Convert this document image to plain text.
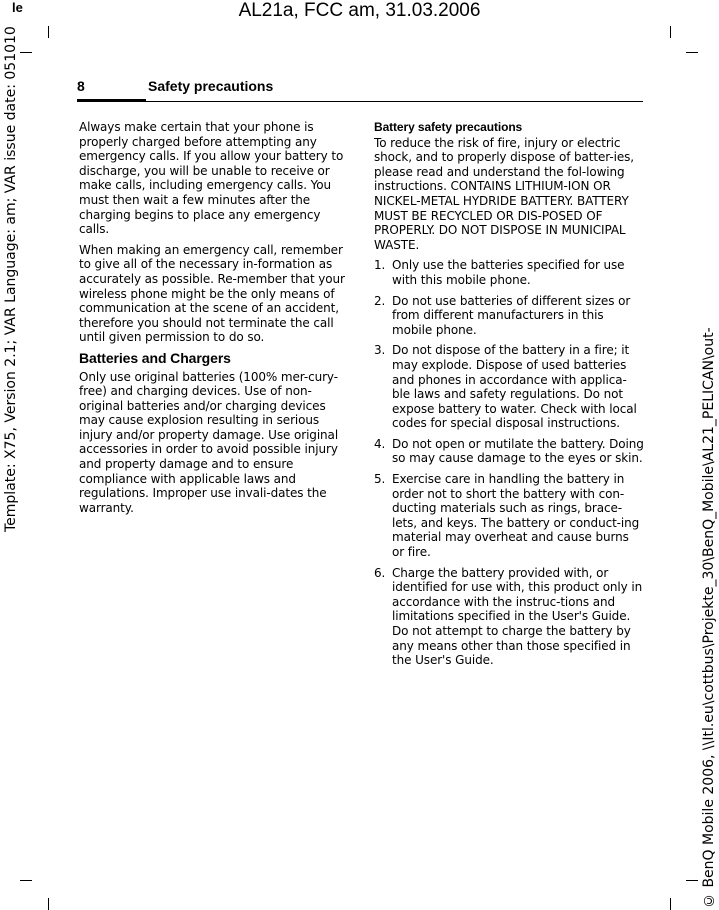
le	AL21a, FCC am, 31.03.2006
Template: X75, Version 2.1; VAR Language: am; VAR issue date: 051010
© BenQ Mobile 2006, \\Itl.eu\cottbus\Projekte_30\BenQ_Mobile\AL21_PELICAN\out-
8	Safety precautions

Always make certain that your phone is properly charged before attempting any emergency calls. If you allow your battery to discharge, you will be unable to receive or make calls, including emergency calls. You must then wait a few minutes after the charging begins to place any emergency calls.

When making an emergency call, remember to give all of the necessary in-formation as accurately as possible. Re-member that your wireless phone might be the only means of communication at the scene of an accident, therefore you should not terminate the call until given permission to do so.

Batteries and Chargers

Only use original batteries (100% mer-cury-free) and charging devices. Use of non-original batteries and/or charging devices may cause explosion resulting in serious injury and/or property damage. Use original accessories in order to avoid possible injury and property damage and to ensure compliance with applicable laws and regulations. Improper use invali-dates the warranty.

Battery safety precautions

To reduce the risk of fire, injury or electric shock, and to properly dispose of batter-ies, please read and understand the fol-lowing instructions. CONTAINS LITHIUM-ION OR NICKEL-METAL HYDRIDE BATTERY. BATTERY MUST BE RECYCLED OR DIS-POSED OF PROPERLY. DO NOT DISPOSE IN MUNICIPAL WASTE.

1. Only use the batteries specified for use with this mobile phone.
2. Do not use batteries of different sizes or from different manufacturers in this mobile phone.
3. Do not dispose of the battery in a fire; it may explode. Dispose of used batteries and phones in accordance with applica-ble laws and safety regulations. Do not expose battery to water. Check with local codes for special disposal instructions.
4. Do not open or mutilate the battery. Doing so may cause damage to the eyes or skin.
5. Exercise care in handling the battery in order not to short the battery with con-ducting materials such as rings, brace-lets, and keys. The battery or conduct-ing material may overheat and cause burns or fire.
6. Charge the battery provided with, or identified for use with, this product only in accordance with the instruc-tions and limitations specified in the User's Guide. Do not attempt to charge the battery by any means other than those specified in the User's Guide.
